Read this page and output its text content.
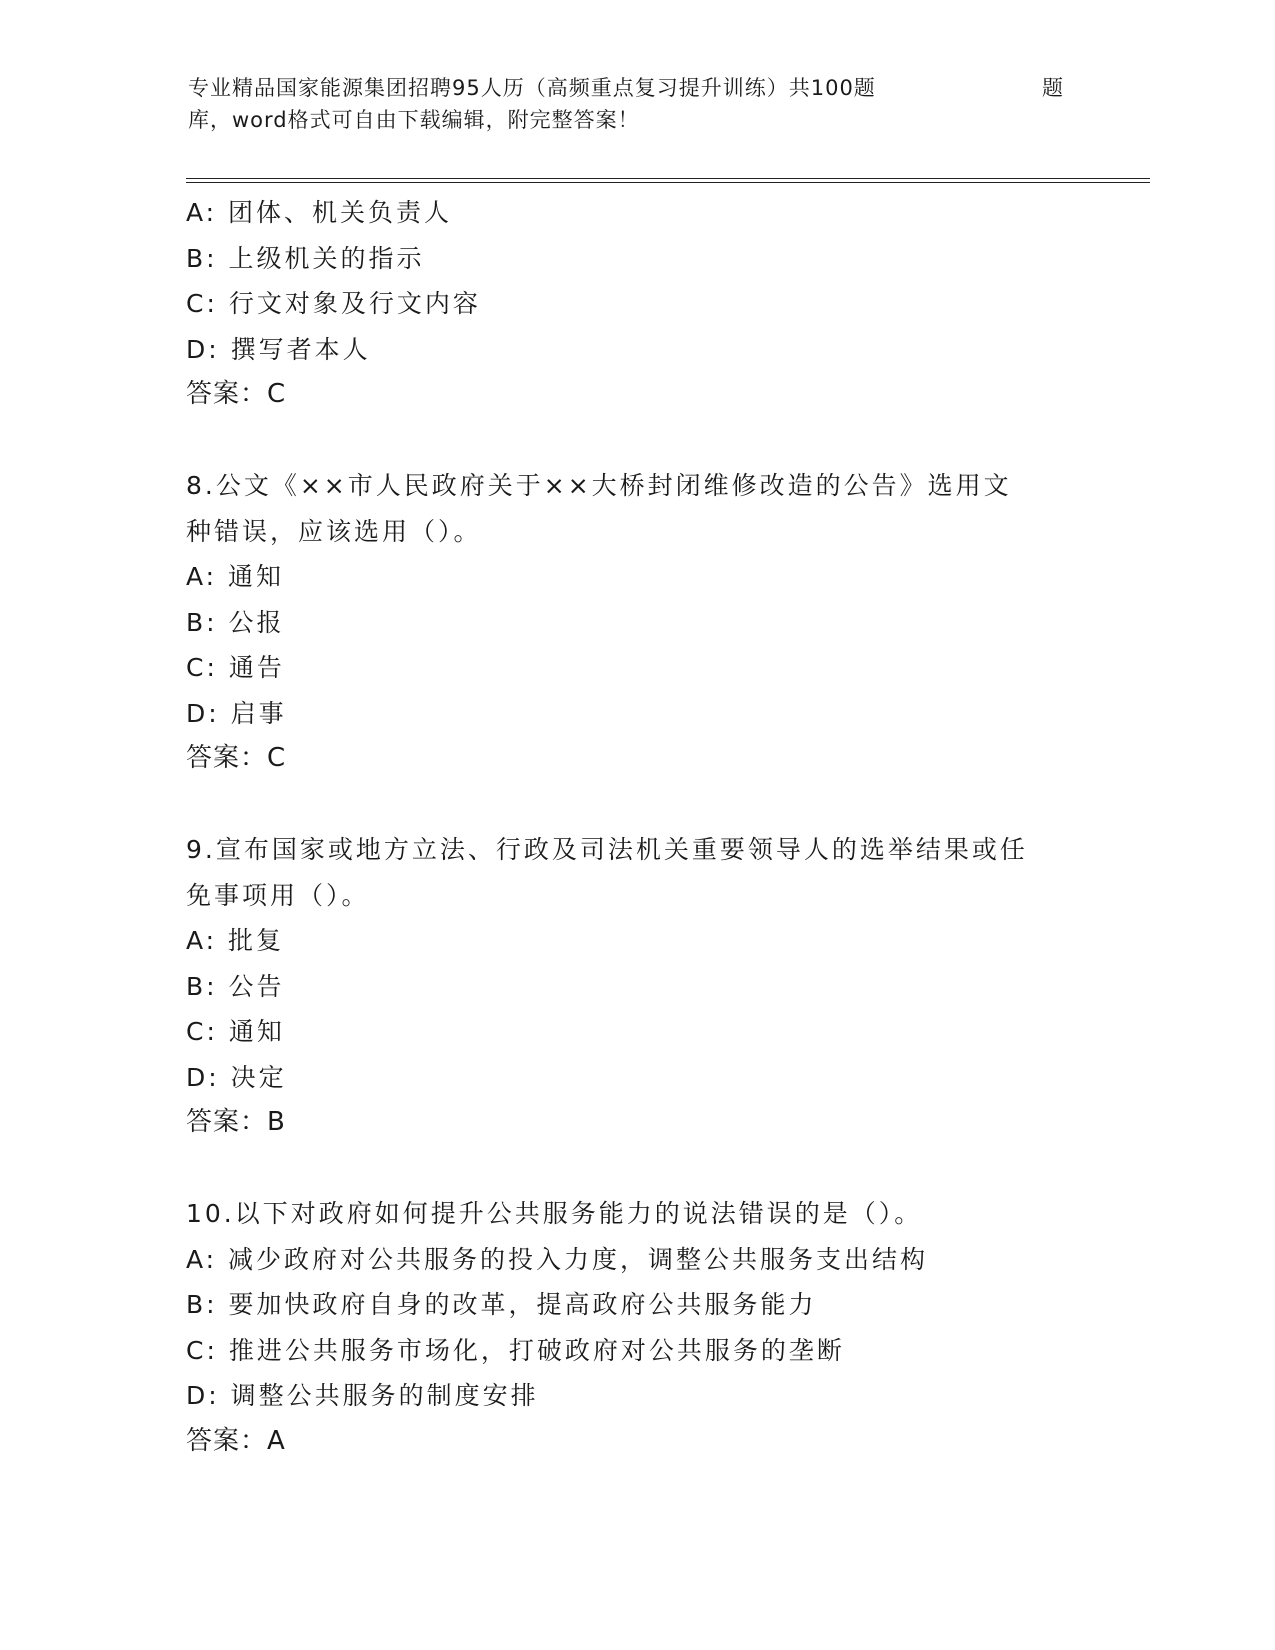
专业精品国家能源集团招聘95人历（高频重点复习提升训练）共100题
库，word格式可自由下载编辑，附完整答案！
题
A: 团体、机关负责人
B: 上级机关的指示
C: 行文对象及行文内容
D: 撰写者本人
答案：C
8.公文《××市人民政府关于××大桥封闭维修改造的公告》选用文
种错误，应该选用（）。
A: 通知
B: 公报
C: 通告
D: 启事
答案：C
9.宣布国家或地方立法、行政及司法机关重要领导人的选举结果或任
免事项用（）。
A: 批复
B: 公告
C: 通知
D: 决定
答案：B
10.以下对政府如何提升公共服务能力的说法错误的是（）。
A: 减少政府对公共服务的投入力度，调整公共服务支出结构
B: 要加快政府自身的改革，提高政府公共服务能力
C: 推进公共服务市场化，打破政府对公共服务的垄断
D: 调整公共服务的制度安排
答案：A
